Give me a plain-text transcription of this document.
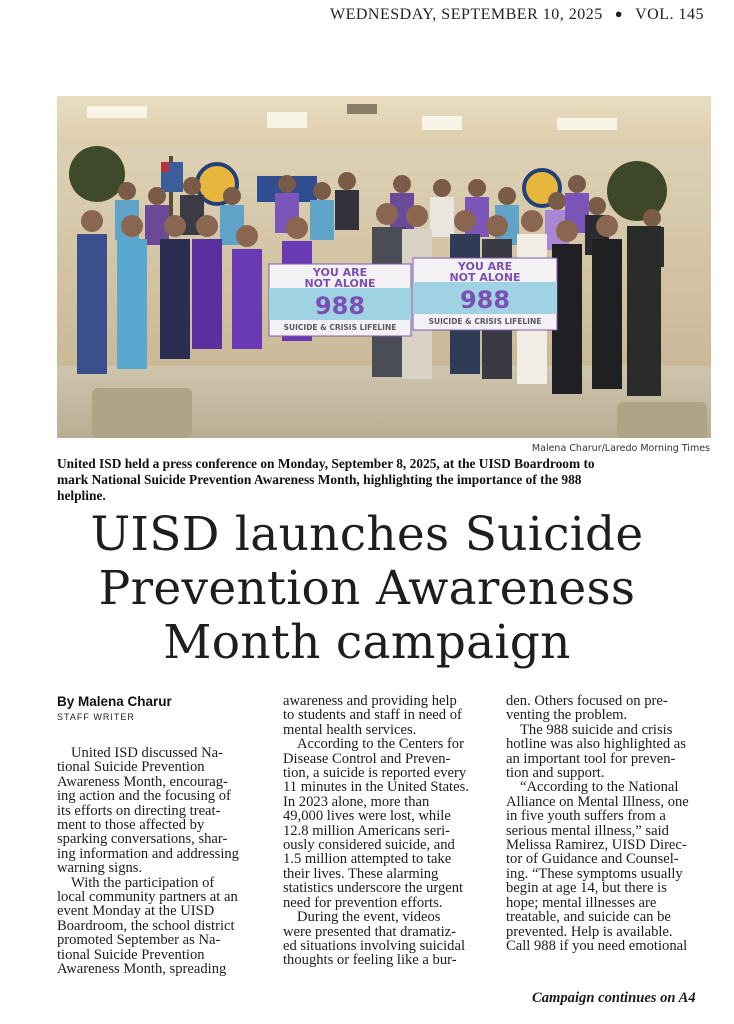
WEDNESDAY, SEPTEMBER 10, 2025 ● VOL. 145
YOU ARE
NOT ALONE
988
SUICIDE & CRISIS LIFELINE
YOU ARE
NOT ALONE
988
SUICIDE & CRISIS LIFELINE
Malena Charur/Laredo Morning Times
United ISD held a press conference on Monday, September 8, 2025, at the UISD Boardroom to
mark National Suicide Prevention Awareness Month, highlighting the importance of the 988
helpline.
UISD launches Suicide
Prevention Awareness
Month campaign
By Malena Charur
STAFF WRITER
United ISD discussed Na-
tional Suicide Prevention
Awareness Month, encourag-
ing action and the focusing of
its efforts on directing treat-
ment to those affected by
sparking conversations, shar-
ing information and addressing
warning signs.
With the participation of
local community partners at an
event Monday at the UISD
Boardroom, the school district
promoted September as Na-
tional Suicide Prevention
Awareness Month, spreading
awareness and providing help
to students and staff in need of
mental health services.
According to the Centers for
Disease Control and Preven-
tion, a suicide is reported every
11 minutes in the United States.
In 2023 alone, more than
49,000 lives were lost, while
12.8 million Americans seri-
ously considered suicide, and
1.5 million attempted to take
their lives. These alarming
statistics underscore the urgent
need for prevention efforts.
During the event, videos
were presented that dramatiz-
ed situations involving suicidal
thoughts or feeling like a bur-
den. Others focused on pre-
venting the problem.
The 988 suicide and crisis
hotline was also highlighted as
an important tool for preven-
tion and support.
“According to the National
Alliance on Mental Illness, one
in five youth suffers from a
serious mental illness,” said
Melissa Ramirez, UISD Direc-
tor of Guidance and Counsel-
ing. “These symptoms usually
begin at age 14, but there is
hope; mental illnesses are
treatable, and suicide can be
prevented. Help is available.
Call 988 if you need emotional
Campaign continues on A4
